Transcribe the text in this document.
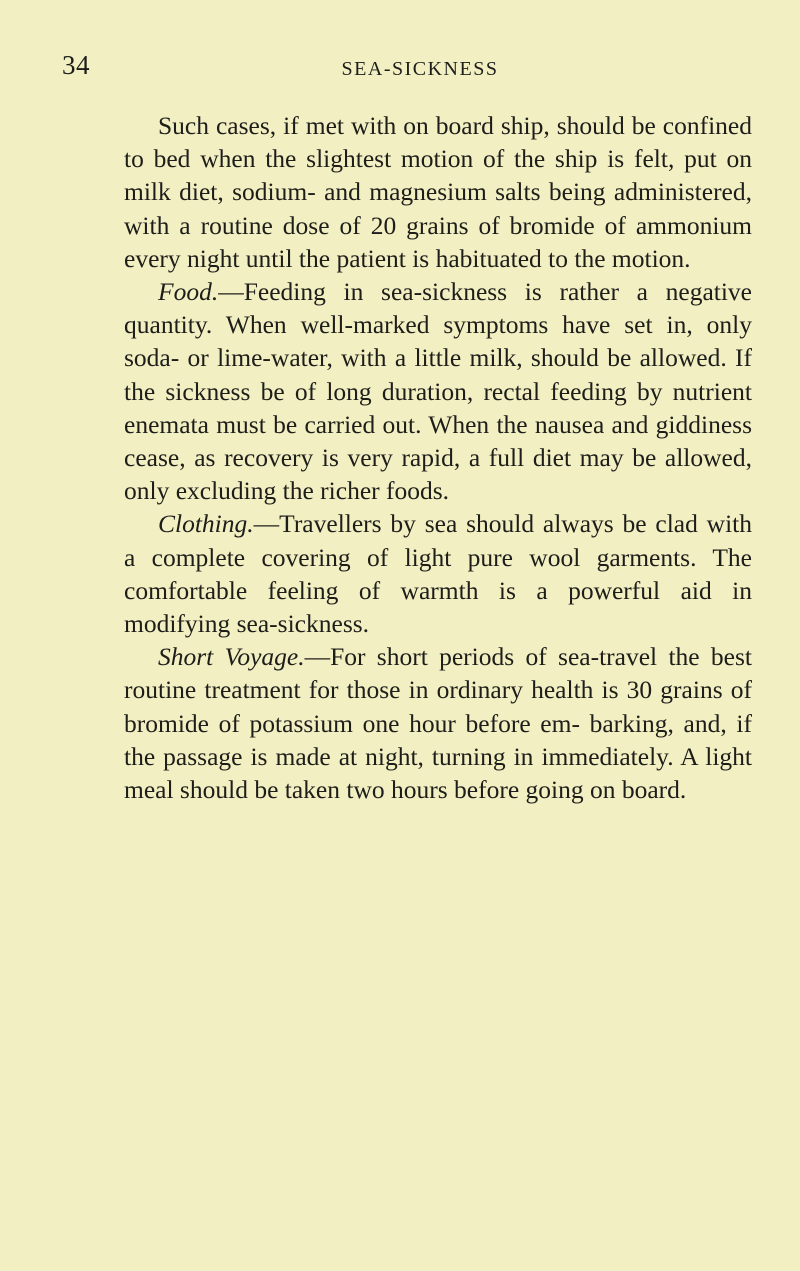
34	SEA-SICKNESS

Such cases, if met with on board ship, should be confined to bed when the slightest motion of the ship is felt, put on milk diet, sodium- and magnesium salts being administered, with a routine dose of 20 grains of bromide of ammonium every night until the patient is habituated to the motion.

Food.—Feeding in sea-sickness is rather a negative quantity. When well-marked symptoms have set in, only soda- or lime-water, with a little milk, should be allowed. If the sickness be of long duration, rectal feeding by nutrient enemata must be carried out. When the nausea and giddiness cease, as recovery is very rapid, a full diet may be allowed, only excluding the richer foods.

Clothing.—Travellers by sea should always be clad with a complete covering of light pure wool garments. The comfortable feeling of warmth is a powerful aid in modifying sea-sickness.

Short Voyage.—For short periods of sea-travel the best routine treatment for those in ordinary health is 30 grains of bromide of potassium one hour before em- barking, and, if the passage is made at night, turning in immediately. A light meal should be taken two hours before going on board.
